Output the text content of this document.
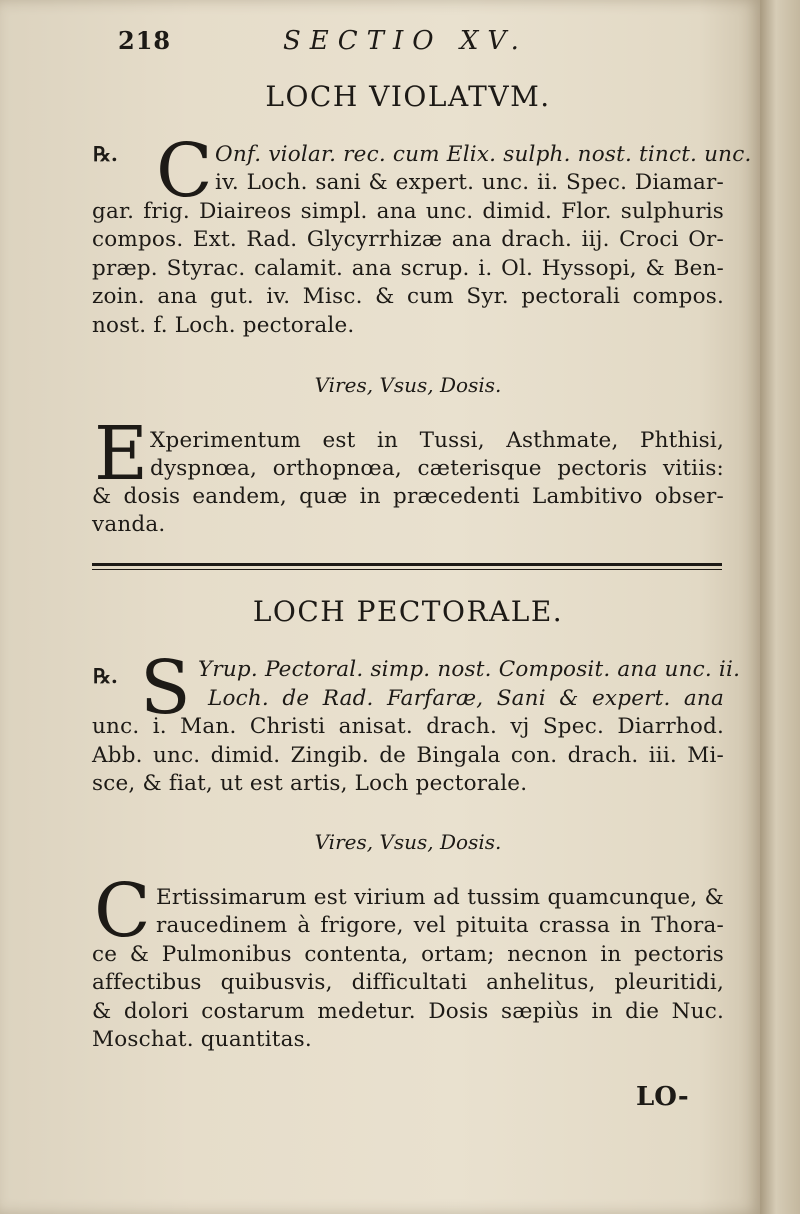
218	SECTIO XV.
LOCH VIOLATVM.
℞. C Onf. violar. rec. cum Elix. sulph. nost. tinct. unc.
iv. Loch. sani & expert. unc. ii. Spec. Diamar-
gar. frig. Diaireos simpl. ana unc. dimid. Flor. sulphuris
compos. Ext. Rad. Glycyrrhizæ ana drach. iij. Croci Or-
præp. Styrac. calamit. ana scrup. i. Ol. Hyssopi, & Ben-
zoin. ana gut. iv. Misc. & cum Syr. pectorali compos.
nost. f. Loch. pectorale.
Vires, Vsus, Dosis.
E Xperimentum est in Tussi, Asthmate, Phthisi,
dyspnœa, orthopnœa, cæterisque pectoris vitiis:
& dosis eandem, quæ in præcedenti Lambitivo obser-
vanda.
LOCH PECTORALE.
℞. S Yrup. Pectoral. simp. nost. Composit. ana unc. ii.
Loch. de Rad. Farfaræ, Sani & expert. ana
unc. i. Man. Christi anisat. drach. vj Spec. Diarrhod.
Abb. unc. dimid. Zingib. de Bingala con. drach. iii. Mi-
sce, & fiat, ut est artis, Loch pectorale.
Vires, Vsus, Dosis.
C Ertissimarum est virium ad tussim quamcunque, &
raucedinem à frigore, vel pituita crassa in Thora-
ce & Pulmonibus contenta, ortam; necnon in pectoris
affectibus quibusvis, difficultati anhelitus, pleuritidi,
& dolori costarum medetur. Dosis sæpiùs in die Nuc.
Moschat. quantitas.
LO-
